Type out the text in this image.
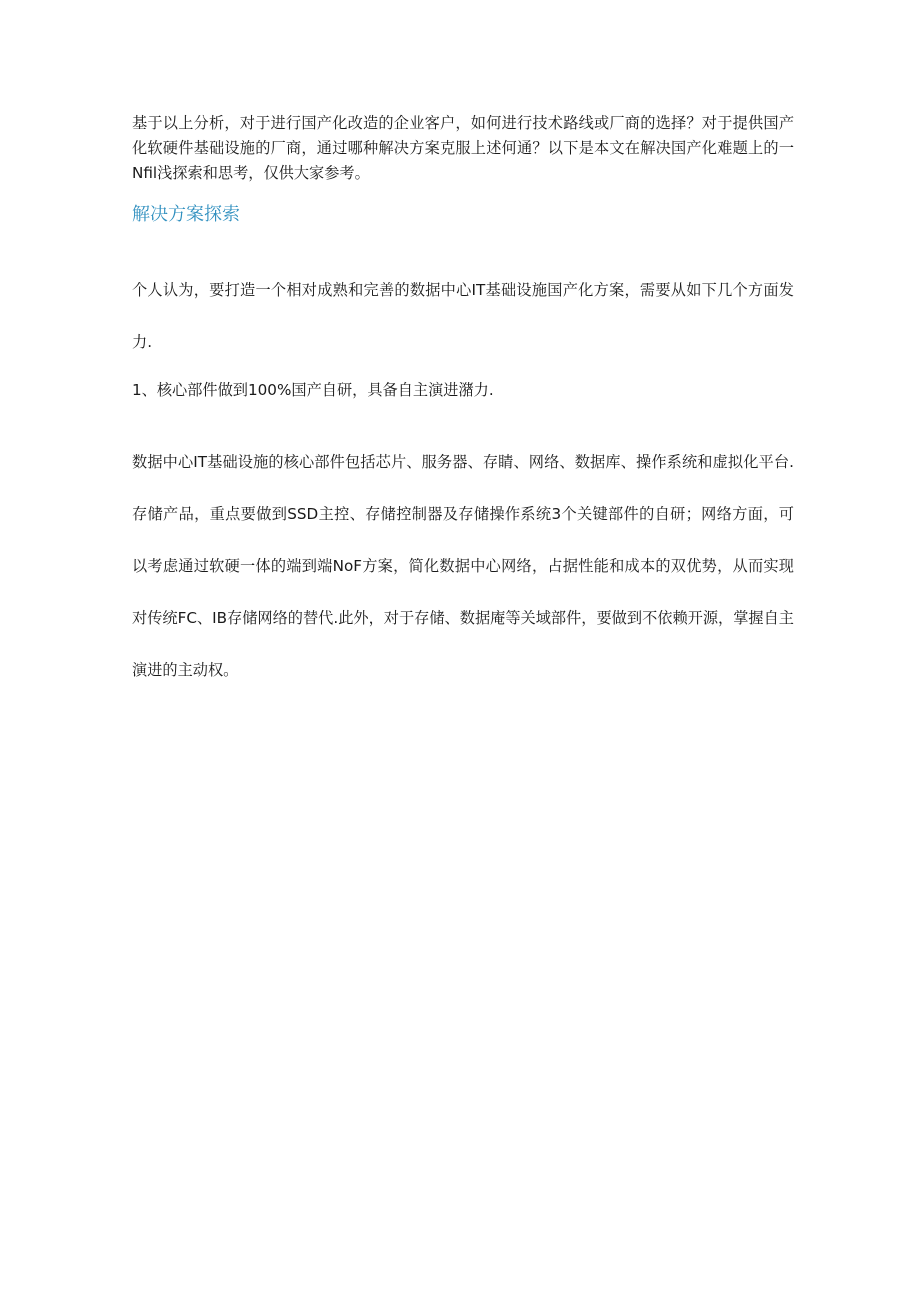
基于以上分析，对于进行国产化改造的企业客户，如何进行技术路线或厂商的选择？对于提供国产化软硬件基础设施的厂商，通过哪种解决方案克服上述何通？以下是本文在解决国产化难题上的一Nfil浅探索和思考，仅供大家参考。

解决方案探索

个人认为，要打造一个相对成熟和完善的数据中心IT基础设施国产化方案，需要从如下几个方面发力.

1、核心部件做到100%国产自研，具备自主演进潴力.

数据中心IT基础设施的核心部件包括芯片、服务器、存睛、网络、数据库、操作系统和虚拟化平台.存储产品，重点要做到SSD主控、存储控制器及存储操作系统3个关键部件的自研；网络方面，可以考虑通过软硬一体的端到端NoF方案，简化数据中心网络，占据性能和成本的双优势，从而实现对传统FC、IB存储网络的替代.此外，对于存储、数据庵等关域部件，要做到不依赖开源，掌握自主演进的主动权。
